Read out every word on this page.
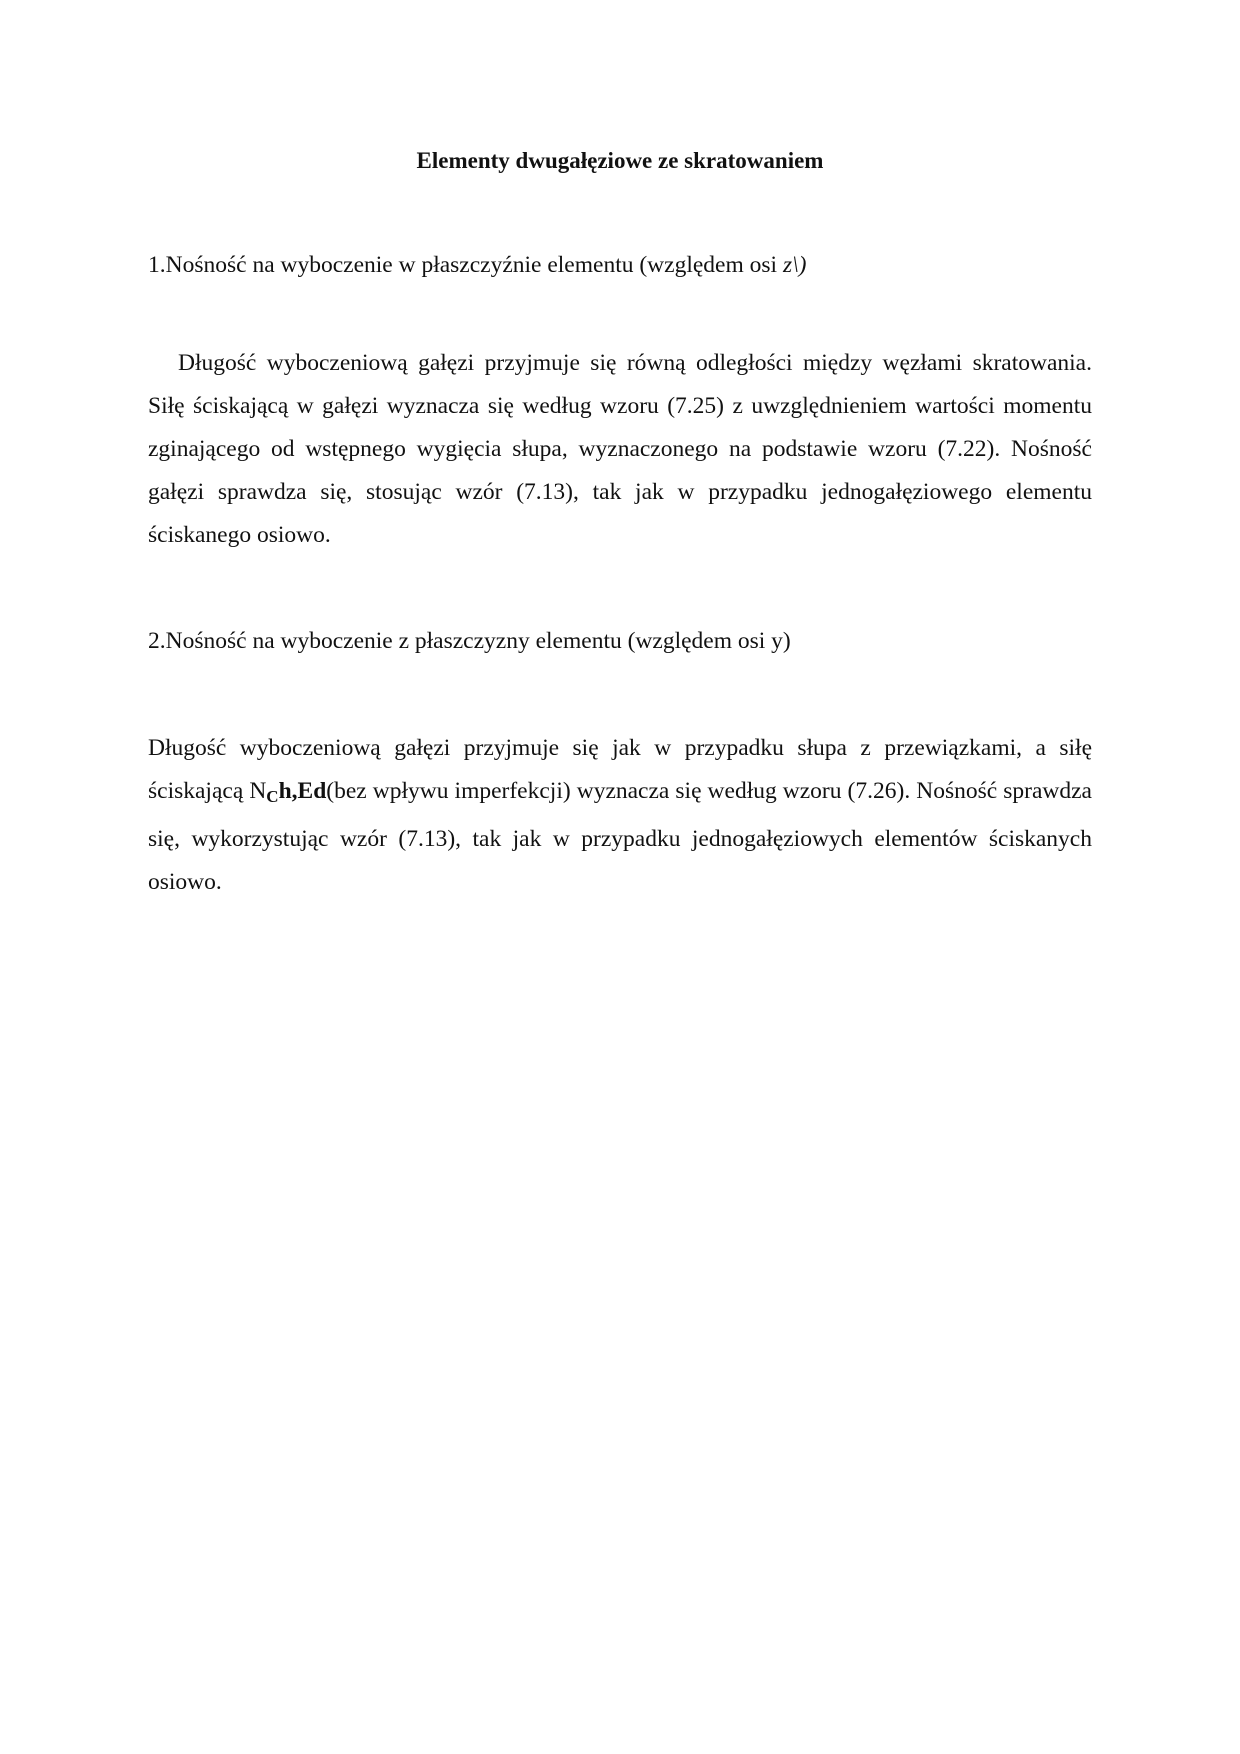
Elementy dwugałęziowe ze skratowaniem
1.Nośność na wyboczenie w płaszczyźnie elementu (względem osi z\)

Długość wyboczeniową gałęzi przyjmuje się równą odległości między węzłami skratowania. Siłę ściskającą w gałęzi wyznacza się według wzoru (7.25) z uwzględnieniem wartości momentu zginającego od wstępnego wygięcia słupa, wyznaczonego na podstawie wzoru (7.22). Nośność gałęzi sprawdza się, stosując wzór (7.13), tak jak w przypadku jednogałęziowego elementu ściskanego osiowo.

2.Nośność na wyboczenie z płaszczyzny elementu (względem osi y)

Długość wyboczeniową gałęzi przyjmuje się jak w przypadku słupa z przewiązkami, a siłę ściskającą $N_Ch,Ed(bez$ wpływu imperfekcji) wyznacza się według wzoru (7.26). Nośność sprawdza się, wykorzystując wzór (7.13), tak jak w przypadku jednogałęziowych elementów ściskanych osiowo.
